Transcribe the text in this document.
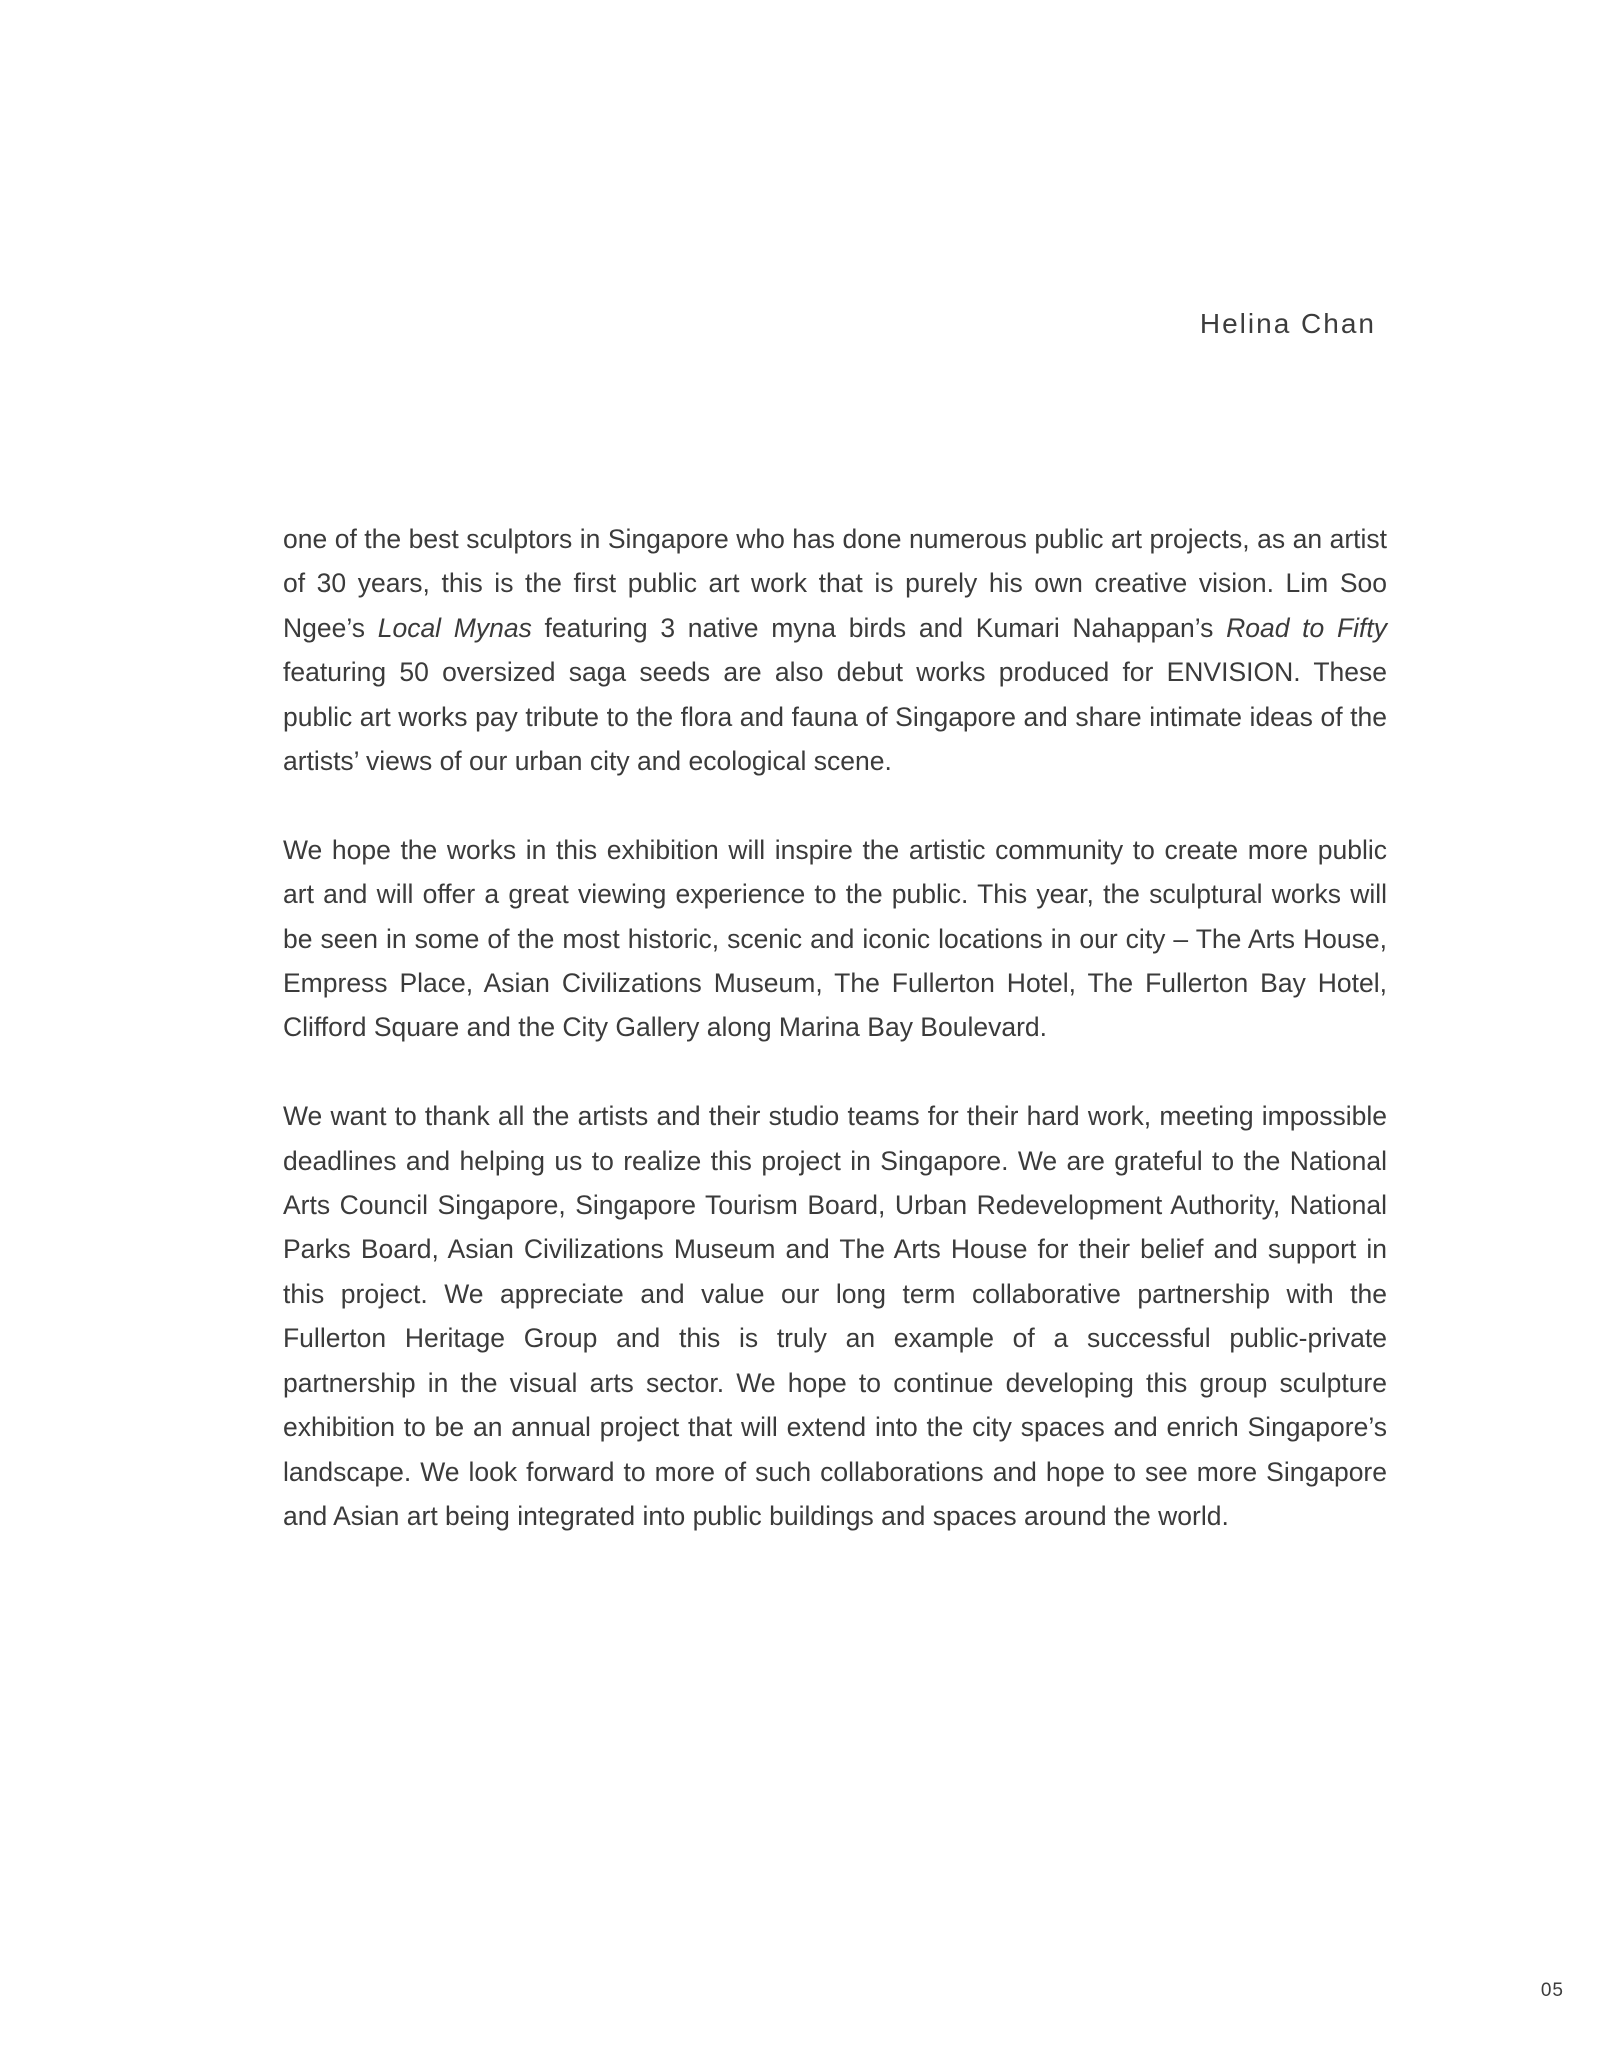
Helina Chan

one of the best sculptors in Singapore who has done numerous public art projects, as an artist of 30 years, this is the first public art work that is purely his own creative vision. Lim Soo Ngee’s Local Mynas featuring 3 native myna birds and Kumari Nahappan’s Road to Fifty featuring 50 oversized saga seeds are also debut works produced for ENVISION. These public art works pay tribute to the flora and fauna of Singapore and share intimate ideas of the artists’ views of our urban city and ecological scene.

We hope the works in this exhibition will inspire the artistic community to create more public art and will offer a great viewing experience to the public. This year, the sculptural works will be seen in some of the most historic, scenic and iconic locations in our city – The Arts House, Empress Place, Asian Civilizations Museum, The Fullerton Hotel, The Fullerton Bay Hotel, Clifford Square and the City Gallery along Marina Bay Boulevard.

We want to thank all the artists and their studio teams for their hard work, meeting impossible deadlines and helping us to realize this project in Singapore. We are grateful to the National Arts Council Singapore, Singapore Tourism Board, Urban Redevelopment Authority, National Parks Board, Asian Civilizations Museum and The Arts House for their belief and support in this project. We appreciate and value our long term collaborative partnership with the Fullerton Heritage Group and this is truly an example of a successful public-private partnership in the visual arts sector. We hope to continue developing this group sculpture exhibition to be an annual project that will extend into the city spaces and enrich Singapore’s landscape. We look forward to more of such collaborations and hope to see more Singapore and Asian art being integrated into public buildings and spaces around the world.

05
